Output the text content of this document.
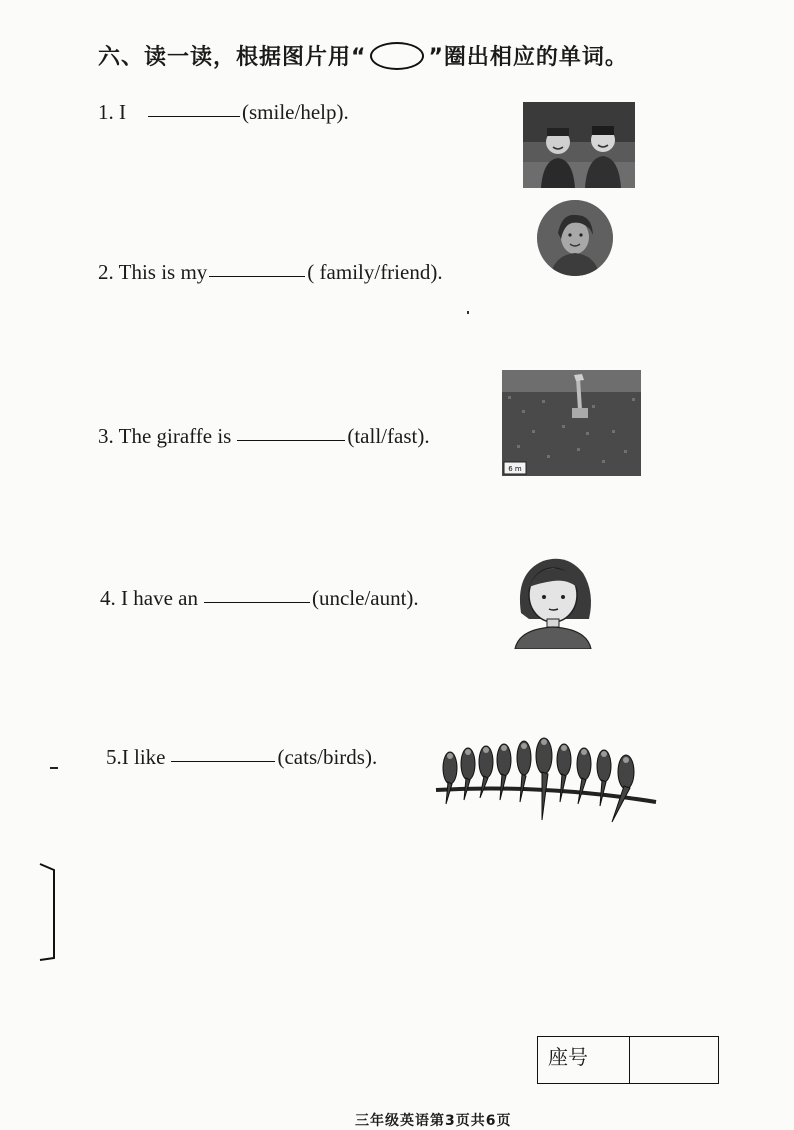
六、读一读，根据图片用“ ○ ”圈出相应的单词。
1. I	(smile/help).
2. This is my	( family/friend).
3. The giraffe is	(tall/fast).
4. I have an	(uncle/aunt).
5.I like	(cats/birds).
6 m
座号
三年级英语第3页共6页
